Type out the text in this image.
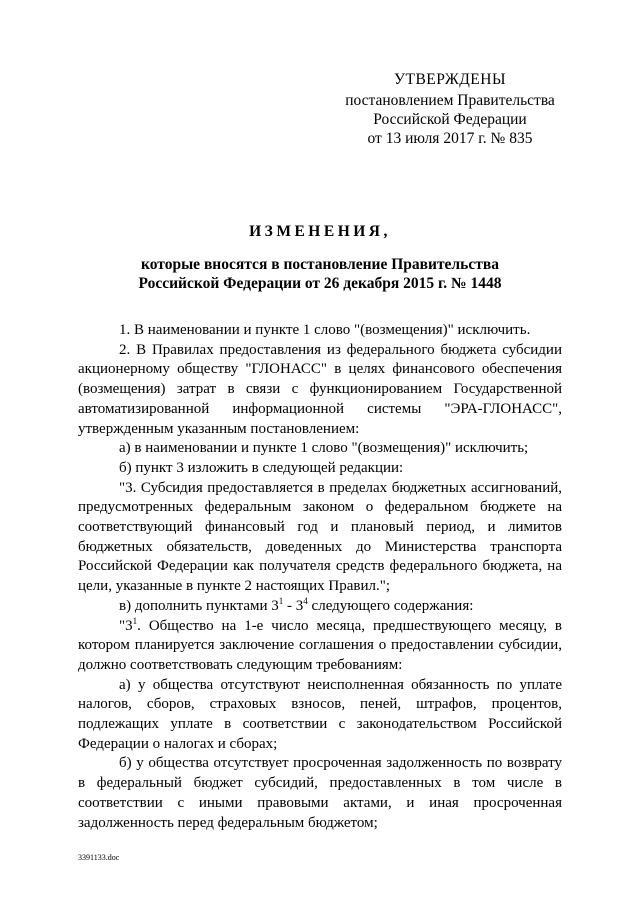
УТВЕРЖДЕНЫ
постановлением Правительства
Российской Федерации
от 13 июля 2017 г. № 835
ИЗМЕНЕНИЯ,
которые вносятся в постановление Правительства
Российской Федерации от 26 декабря 2015 г. № 1448

1. В наименовании и пункте 1 слово "(возмещения)" исключить.

2. В Правилах предоставления из федерального бюджета субсидии акционерному обществу "ГЛОНАСС" в целях финансового обеспечения (возмещения) затрат в связи с функционированием Государственной автоматизированной информационной системы "ЭРА-ГЛОНАСС", утвержденным указанным постановлением:

а) в наименовании и пункте 1 слово "(возмещения)" исключить;

б) пункт 3 изложить в следующей редакции:

"3. Субсидия предоставляется в пределах бюджетных ассигнований, предусмотренных федеральным законом о федеральном бюджете на соответствующий финансовый год и плановый период, и лимитов бюджетных обязательств, доведенных до Министерства транспорта Российской Федерации как получателя средств федерального бюджета, на цели, указанные в пункте 2 настоящих Правил.";

в) дополнить пунктами $3^1 - 3^4$ следующего содержания:

"$3^1$. Общество на 1-е число месяца, предшествующего месяцу, в котором планируется заключение соглашения о предоставлении субсидии, должно соответствовать следующим требованиям:

а) у общества отсутствуют неисполненная обязанность по уплате налогов, сборов, страховых взносов, пеней, штрафов, процентов, подлежащих уплате в соответствии с законодательством Российской Федерации о налогах и сборах;

б) у общества отсутствует просроченная задолженность по возврату в федеральный бюджет субсидий, предоставленных в том числе в соответствии с иными правовыми актами, и иная просроченная задолженность перед федеральным бюджетом;

3391133.doc
